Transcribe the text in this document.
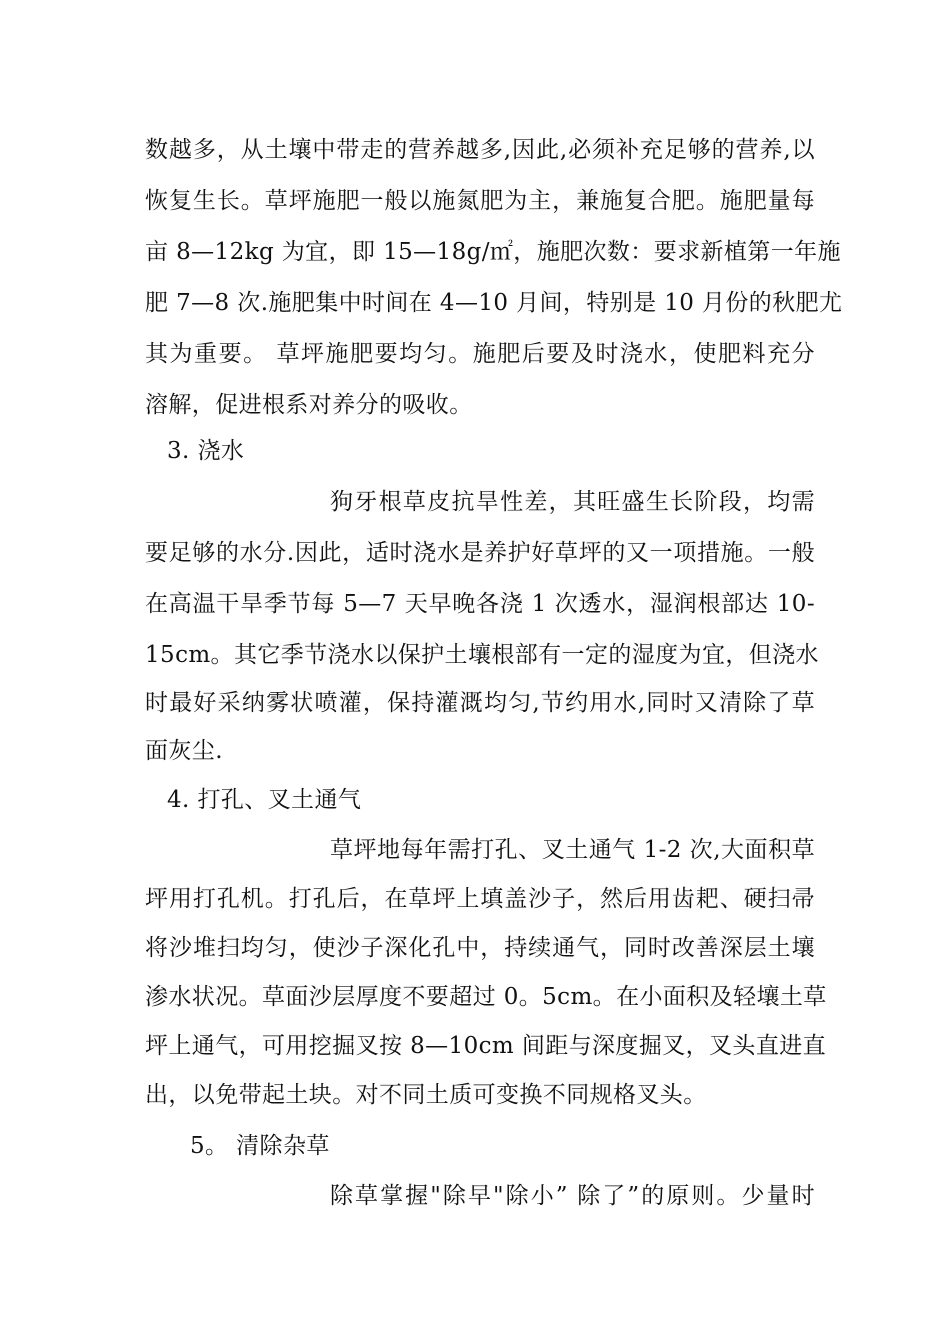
数越多，从土壤中带走的营养越多,因此,必须补充足够的营养,以
恢复生长。草坪施肥一般以施氮肥为主，兼施复合肥。施肥量每
亩 8—12kg 为宜，即 15—18g/㎡，施肥次数：要求新植第一年施
肥 7—8 次.施肥集中时间在 4—10 月间，特别是 10 月份的秋肥尤
其为重要。 草坪施肥要均匀。施肥后要及时浇水，使肥料充分
溶解，促进根系对养分的吸收。
3. 浇水
狗牙根草皮抗旱性差，其旺盛生长阶段，均需
要足够的水分.因此，适时浇水是养护好草坪的又一项措施。一般
在高温干旱季节每 5—7 天早晚各浇 1 次透水，湿润根部达 10-
15cm。其它季节浇水以保护土壤根部有一定的湿度为宜，但浇水
时最好采纳雾状喷灌，保持灌溉均匀,节约用水,同时又清除了草
面灰尘.
4. 打孔、叉土通气
草坪地每年需打孔、叉土通气 1-2 次,大面积草
坪用打孔机。打孔后，在草坪上填盖沙子，然后用齿耙、硬扫帚
将沙堆扫均匀，使沙子深化孔中，持续通气，同时改善深层土壤
渗水状况。草面沙层厚度不要超过 0。5cm。在小面积及轻壤土草
坪上通气，可用挖掘叉按 8—10cm 间距与深度掘叉，叉头直进直
出，以免带起土块。对不同土质可变换不同规格叉头。
5。 清除杂草
除草掌握"除早"除小” 除了”的原则。少量时
